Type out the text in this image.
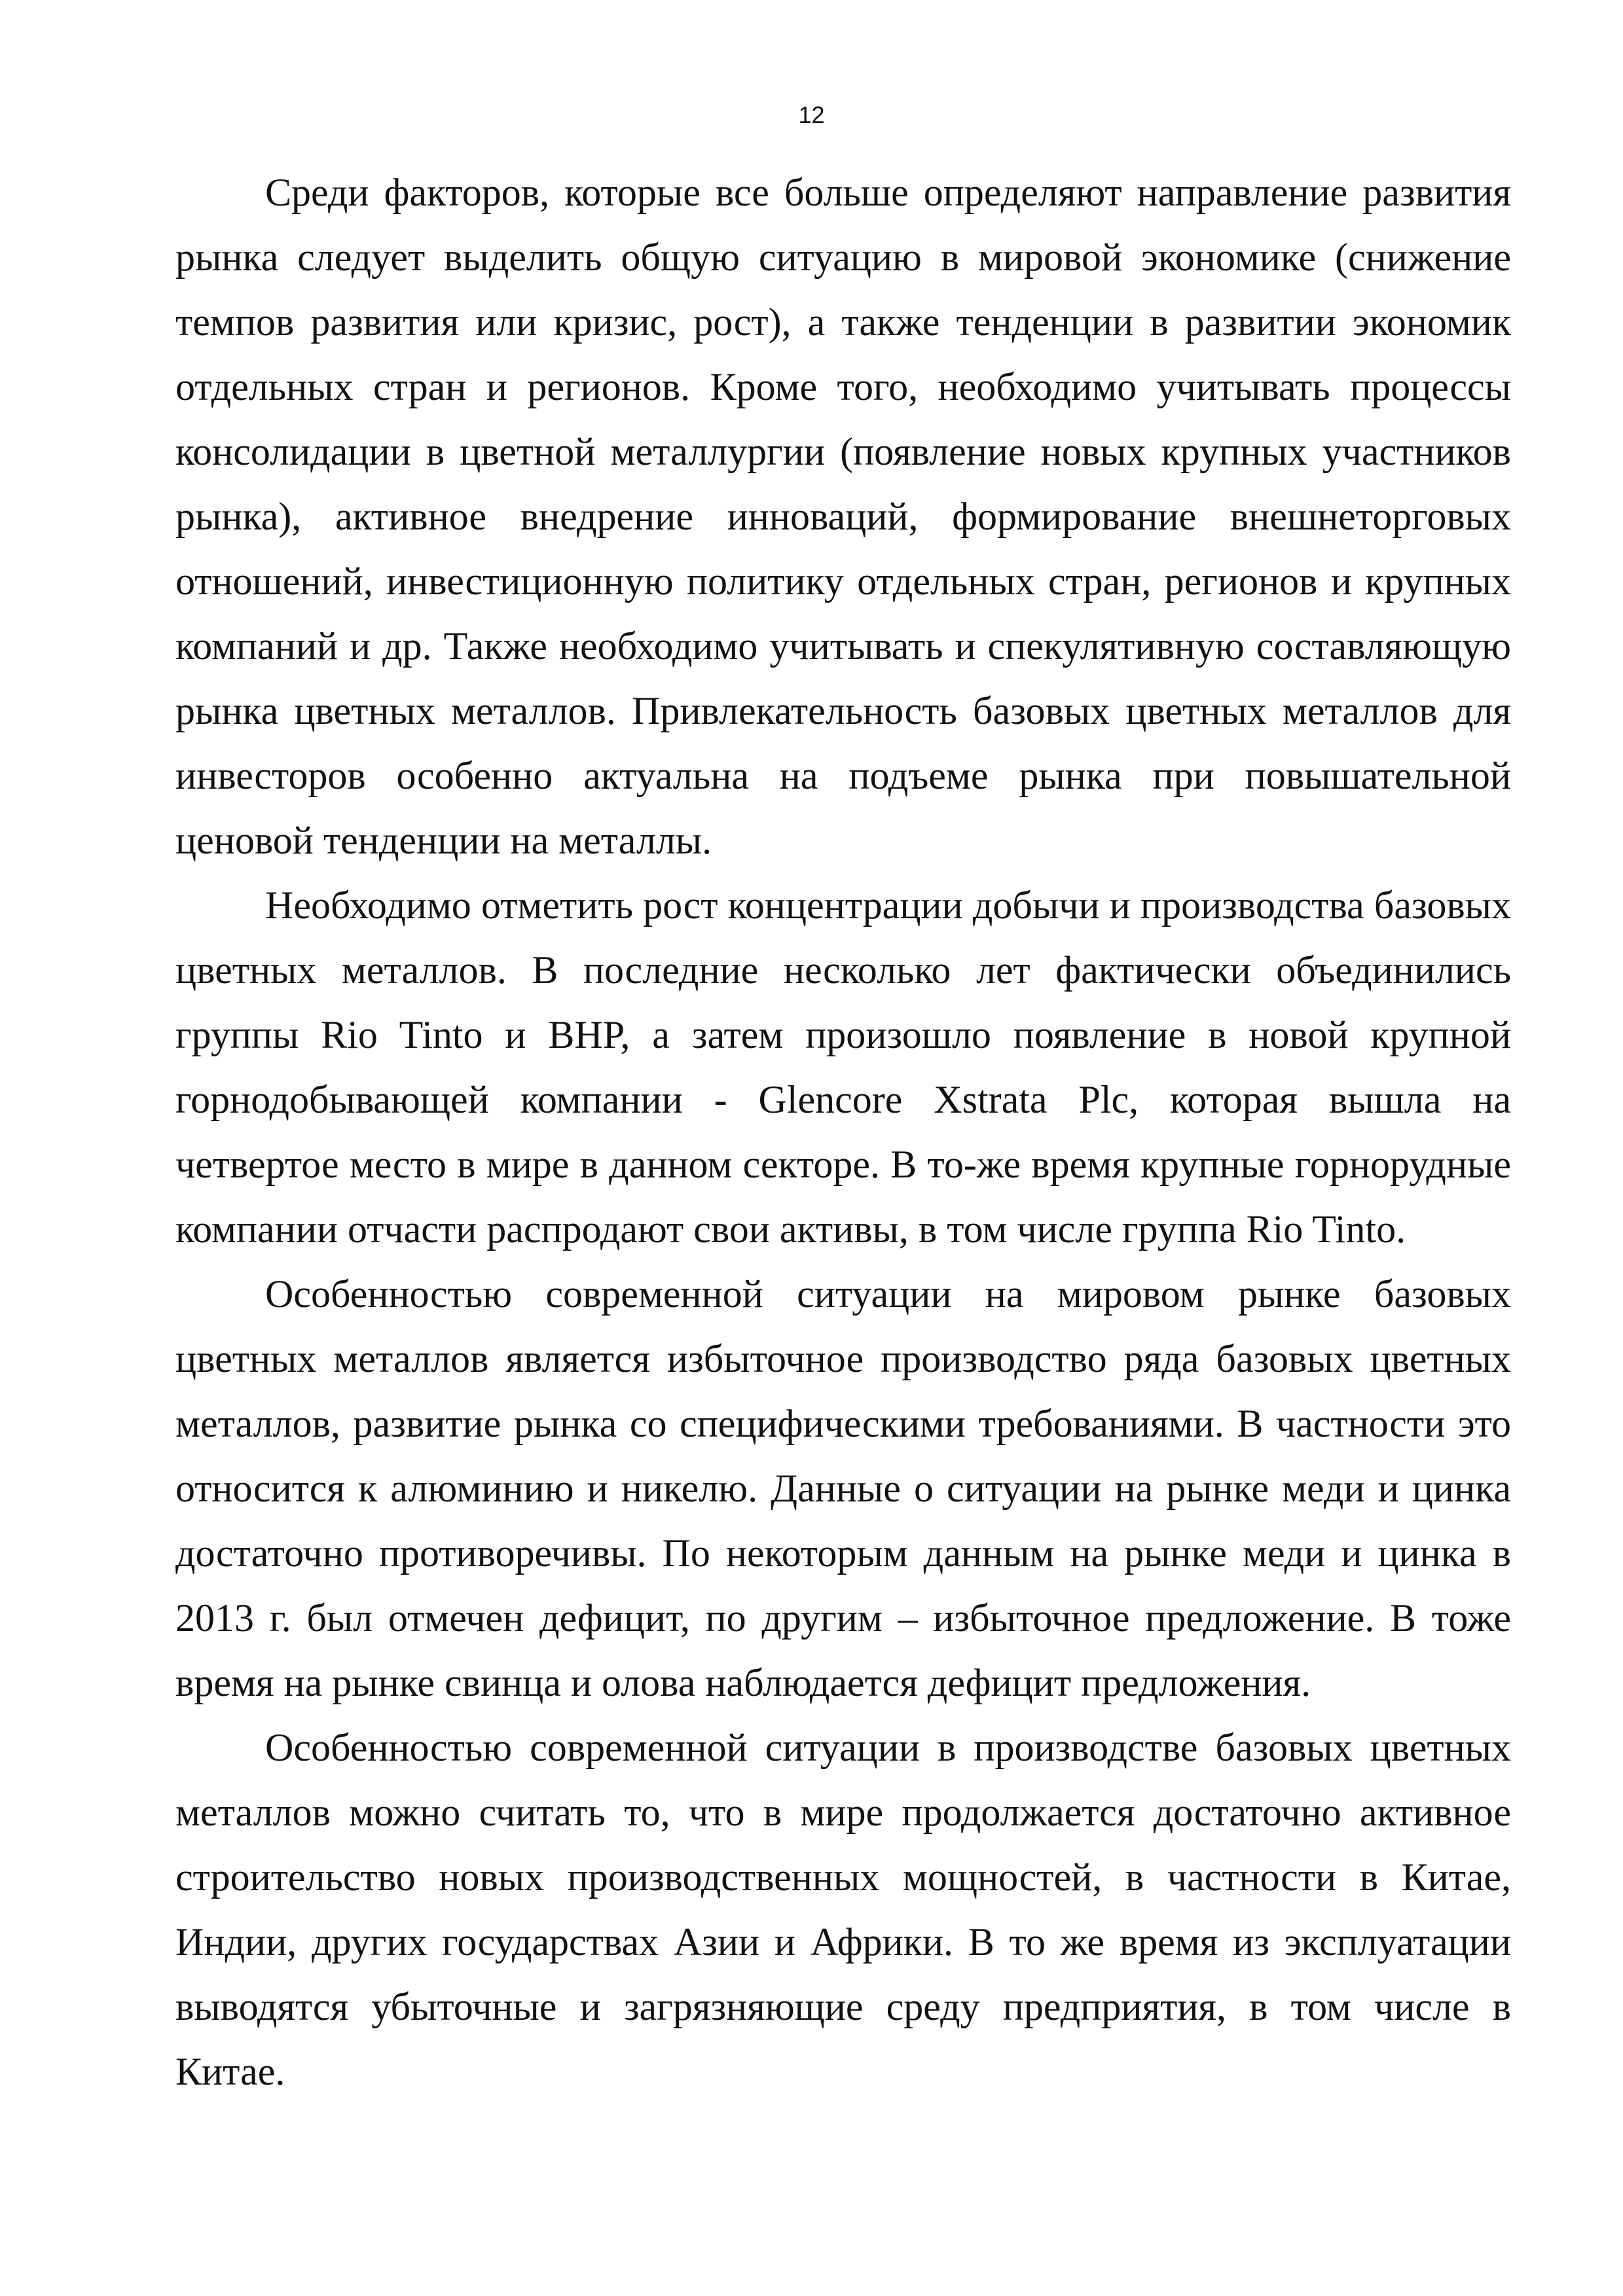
12

Среди факторов, которые все больше определяют направление развития рынка следует выделить общую ситуацию в мировой экономике (снижение темпов развития или кризис, рост), а также тенденции в развитии экономик отдельных стран и регионов. Кроме того, необходимо учитывать процессы консолидации в цветной металлургии (появление новых крупных участников рынка), активное внедрение инноваций, формирование внешнеторговых отношений, инвестиционную политику отдельных стран, регионов и крупных компаний и др. Также необходимо учитывать и спекулятивную составляющую рынка цветных металлов. Привлекательность базовых цветных металлов для инвесторов особенно актуальна на подъеме рынка при повышательной ценовой тенденции на металлы.

Необходимо отметить рост концентрации добычи и производства базовых цветных металлов. В последние несколько лет фактически объединились группы Rio Tinto и BHP, а затем произошло появление в новой крупной горнодобывающей компании - Glencore Xstrata Plc, которая вышла на четвертое место в мире в данном секторе. В то-же время крупные горнорудные компании отчасти распродают свои активы, в том числе группа Rio Tinto.

Особенностью современной ситуации на мировом рынке базовых цветных металлов является избыточное производство ряда базовых цветных металлов, развитие рынка со специфическими требованиями. В частности это относится к алюминию и никелю. Данные о ситуации на рынке меди и цинка достаточно противоречивы. По некоторым данным на рынке меди и цинка в 2013 г. был отмечен дефицит, по другим – избыточное предложение. В тоже время на рынке свинца и олова наблюдается дефицит предложения.

Особенностью современной ситуации в производстве базовых цветных металлов можно считать то, что в мире продолжается достаточно активное строительство новых производственных мощностей, в частности в Китае, Индии, других государствах Азии и Африки. В то же время из эксплуатации выводятся убыточные и загрязняющие среду предприятия, в том числе в Китае.
